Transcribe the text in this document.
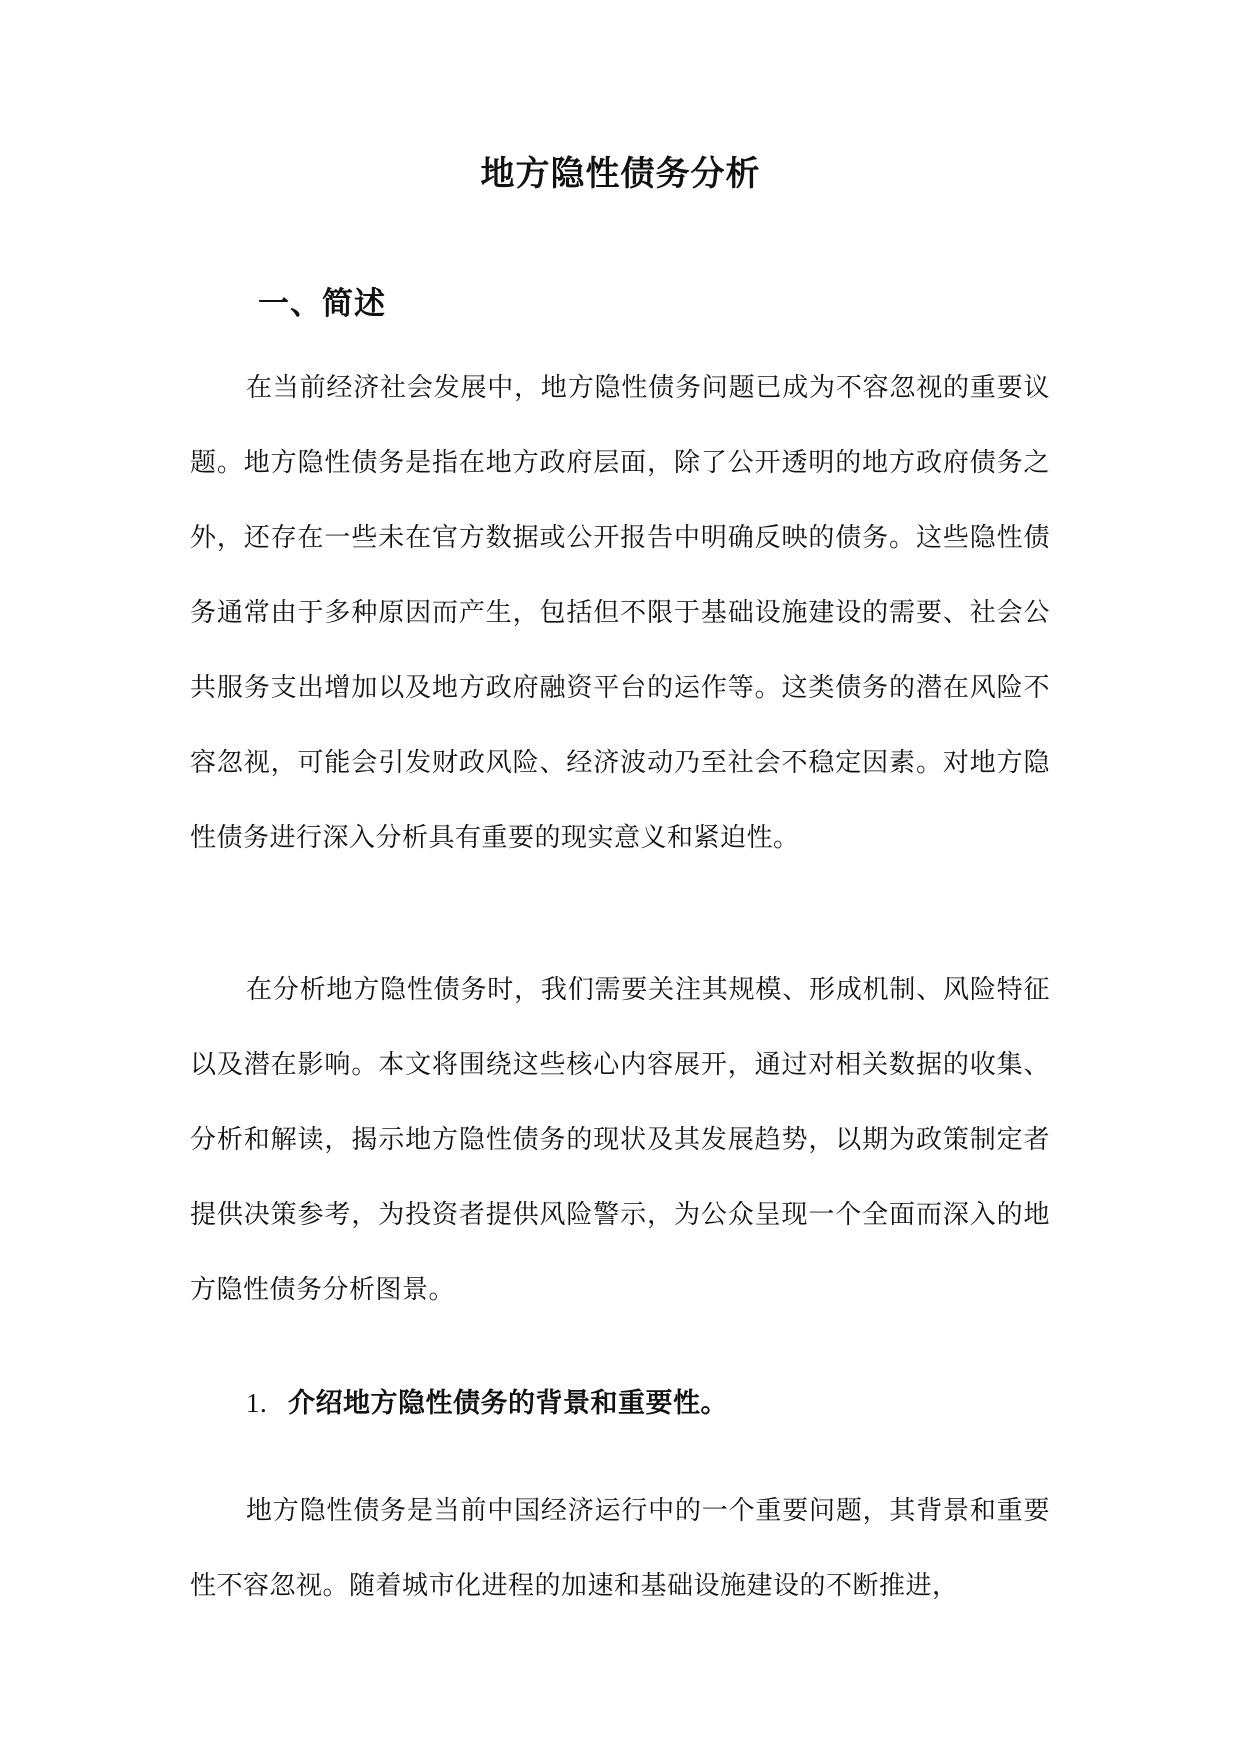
地方隐性债务分析
一、简述

在当前经济社会发展中，地方隐性债务问题已成为不容忽视的重要议题。地方隐性债务是指在地方政府层面，除了公开透明的地方政府债务之外，还存在一些未在官方数据或公开报告中明确反映的债务。这些隐性债务通常由于多种原因而产生，包括但不限于基础设施建设的需要、社会公共服务支出增加以及地方政府融资平台的运作等。这类债务的潜在风险不容忽视，可能会引发财政风险、经济波动乃至社会不稳定因素。对地方隐性债务进行深入分析具有重要的现实意义和紧迫性。

在分析地方隐性债务时，我们需要关注其规模、形成机制、风险特征以及潜在影响。本文将围绕这些核心内容展开，通过对相关数据的收集、分析和解读，揭示地方隐性债务的现状及其发展趋势，以期为政策制定者提供决策参考，为投资者提供风险警示，为公众呈现一个全面而深入的地方隐性债务分析图景。

1. 介绍地方隐性债务的背景和重要性。

地方隐性债务是当前中国经济运行中的一个重要问题，其背景和重要性不容忽视。随着城市化进程的加速和基础设施建设的不断推进，
